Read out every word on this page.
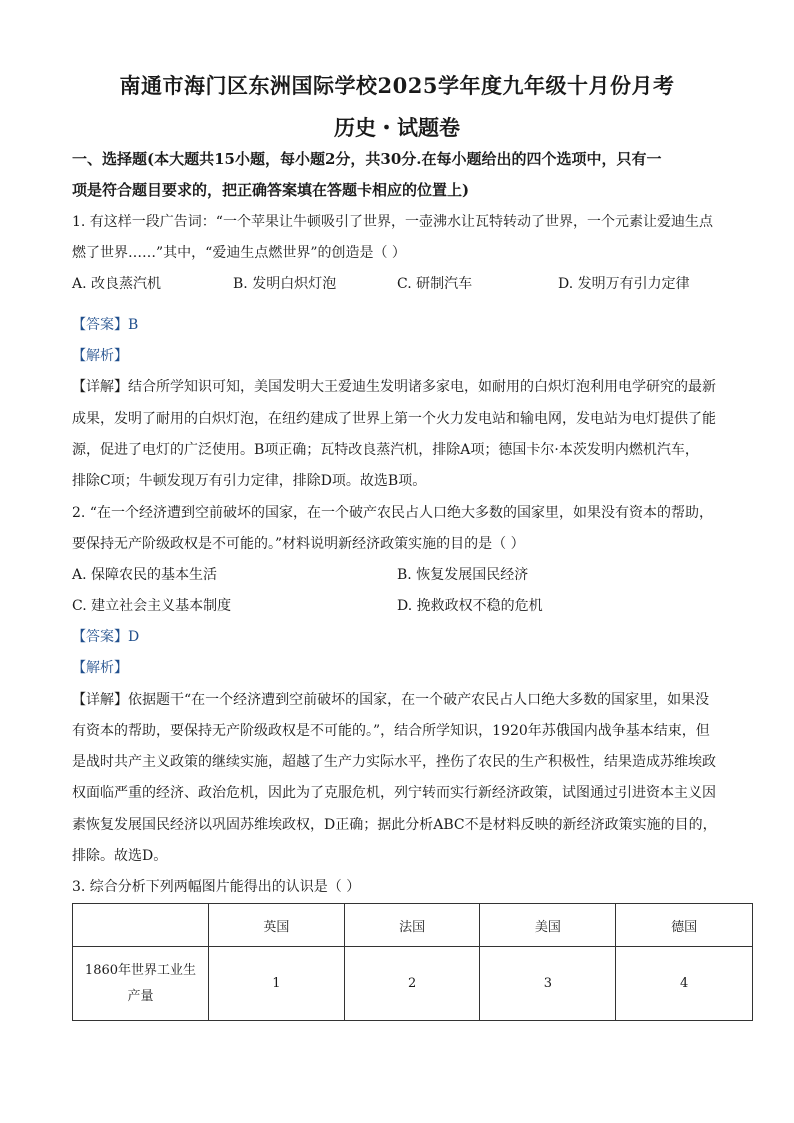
南通市海门区东洲国际学校2025学年度九年级十月份月考
历史・试题卷
一、选择题(本大题共15小题，每小题2分，共30分.在每小题给出的四个选项中，只有一
项是符合题目要求的，把正确答案填在答题卡相应的位置上)
1. 有这样一段广告词：“一个苹果让牛顿吸引了世界，一壶沸水让瓦特转动了世界，一个元素让爱迪生点
燃了世界……”其中，“爱迪生点燃世界”的创造是（ ）
A. 改良蒸汽机	B. 发明白炽灯泡	C. 研制汽车	D. 发明万有引力定律
【答案】B
【解析】
【详解】结合所学知识可知，美国发明大王爱迪生发明诸多家电，如耐用的白炽灯泡利用电学研究的最新
成果，发明了耐用的白炽灯泡，在纽约建成了世界上第一个火力发电站和输电网，发电站为电灯提供了能
源，促进了电灯的广泛使用。B项正确；瓦特改良蒸汽机，排除A项；德国卡尔·本茨发明内燃机汽车，
排除C项；牛顿发现万有引力定律，排除D项。故选B项。
2. “在一个经济遭到空前破坏的国家，在一个破产农民占人口绝大多数的国家里，如果没有资本的帮助，
要保持无产阶级政权是不可能的。”材料说明新经济政策实施的目的是（ ）
A. 保障农民的基本生活	B. 恢复发展国民经济
C. 建立社会主义基本制度	D. 挽救政权不稳的危机
【答案】D
【解析】
【详解】依据题干“在一个经济遭到空前破坏的国家，在一个破产农民占人口绝大多数的国家里，如果没
有资本的帮助，要保持无产阶级政权是不可能的。”，结合所学知识，1920年苏俄国内战争基本结束，但
是战时共产主义政策的继续实施，超越了生产力实际水平，挫伤了农民的生产积极性，结果造成苏维埃政
权面临严重的经济、政治危机，因此为了克服危机，列宁转而实行新经济政策，试图通过引进资本主义因
素恢复发展国民经济以巩固苏维埃政权，D正确；据此分析ABC不是材料反映的新经济政策实施的目的，
排除。故选D。
3. 综合分析下列两幅图片能得出的认识是（ ）
	英国	法国	美国	德国

1860年世界工业生
产量	1	2	3	4
